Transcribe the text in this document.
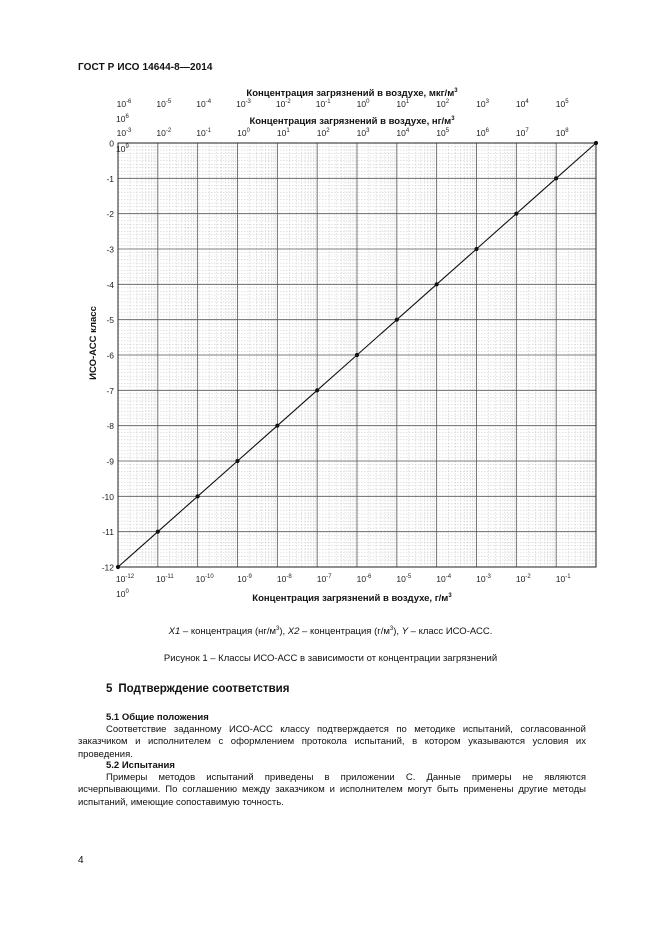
ГОСТ Р ИСО 14644-8—2014
0
-1
-2
-3
-4
-5
-6
-7
-8
-9
-10
-11
-12
$10^{-6}$	$10^{-5}$	$10^{-4}$	$10^{-3}$	$10^{-2}$	$10^{-1}$	$10^0$	$10^1$	$10^2$	$10^3$	$10^4$	$10^5$
$10^6$
$10^{-3}$	$10^{-2}$	$10^{-1}$	$10^0$	$10^1$	$10^2$	$10^3$	$10^4$	$10^5$	$10^6$	$10^7$	$10^8$
$10^9$
$10^{-12}$	$10^{-11}$	$10^{-10}$	$10^{-9}$	$10^{-8}$	$10^{-7}$	$10^{-6}$	$10^{-5}$	$10^{-4}$	$10^{-3}$	$10^{-2}$	$10^{-1}$
$10^0$
Концентрация загрязнений в воздухе, мкг/$м^3$
Концентрация загрязнений в воздухе, $нг/м^3$
Концентрация загрязнений в воздухе, $г/м^3$
ИСО-АСС класс
X1 – концентрация $(нг/м^3)$, X2 – концентрация $(г/м^3)$, Y – класс ИСО-АСС.
Рисунок 1 – Классы ИСО-АСС в зависимости от концентрации загрязнений
5 Подтверждение соответствия
5.1 Общие положения
Соответствие заданному ИСО-АСС классу подтверждается по методике испытаний, согласованной заказчиком и исполнителем с оформлением протокола испытаний, в котором указываются условия их проведения.
5.2 Испытания
Примеры методов испытаний приведены в приложении С. Данные примеры не являются исчерпывающими. По соглашению между заказчиком и исполнителем могут быть применены другие методы испытаний, имеющие сопоставимую точность.
4
